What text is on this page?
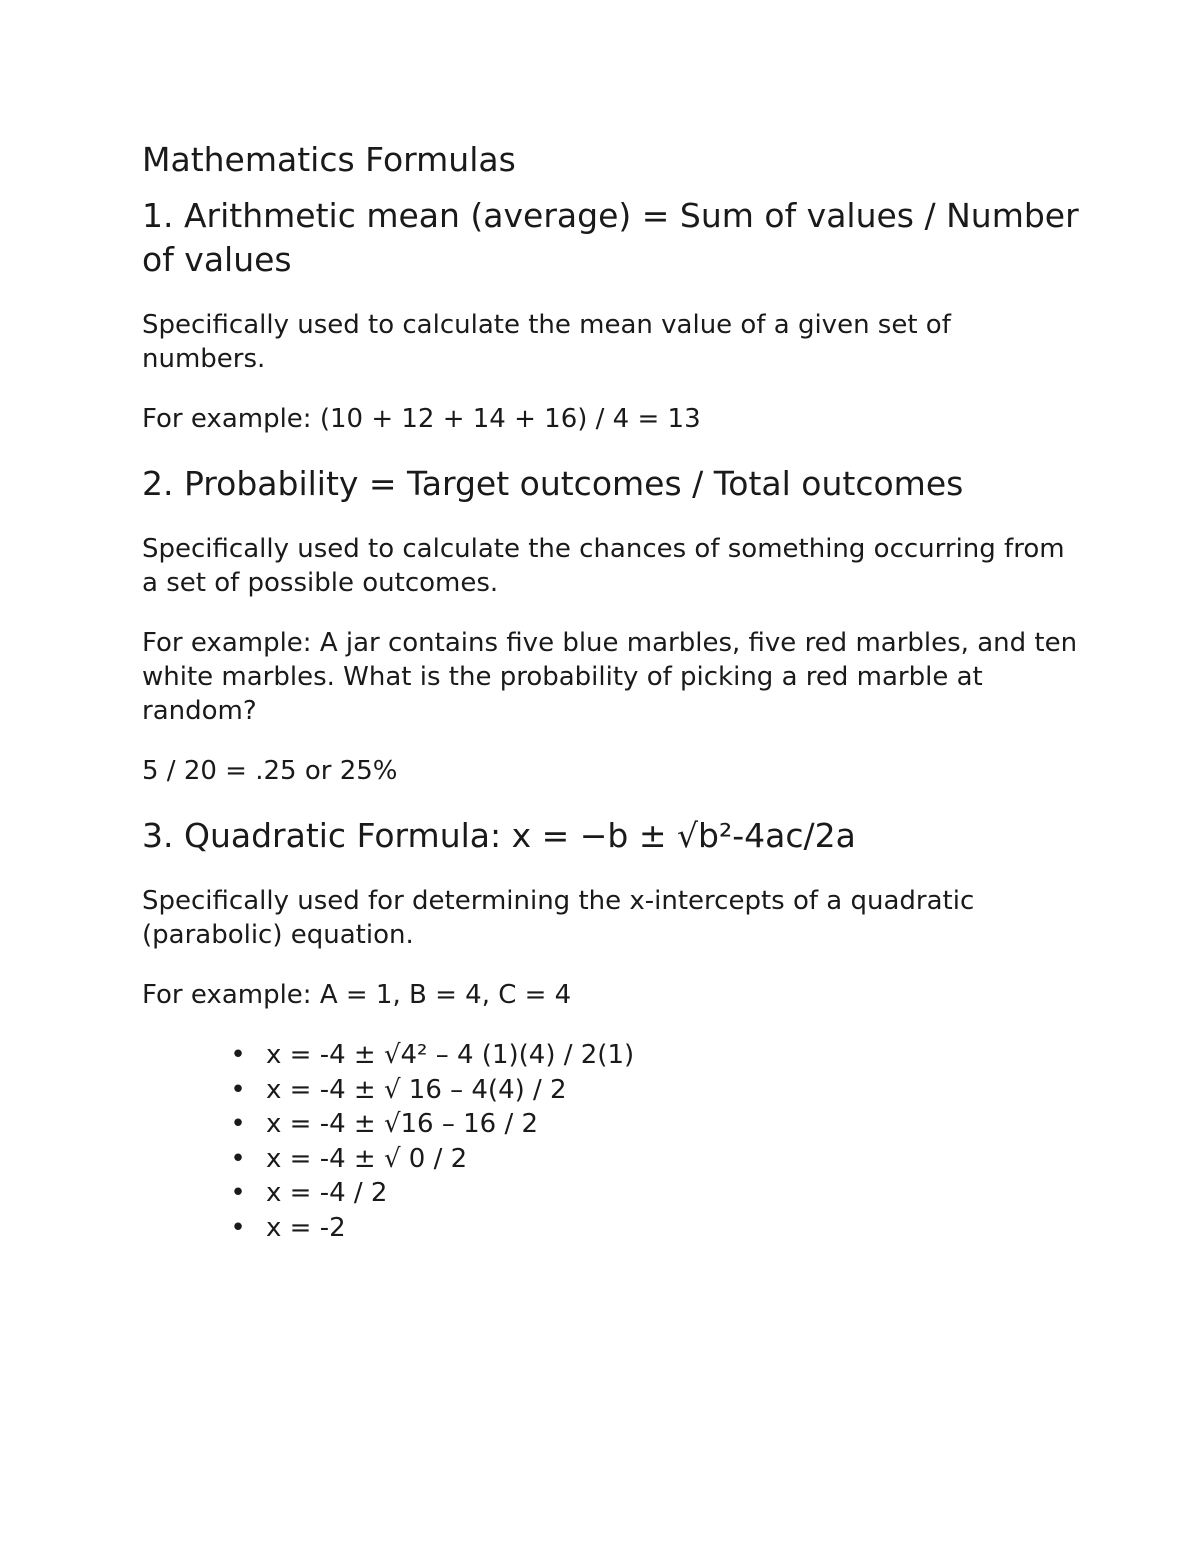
Mathematics Formulas
1. Arithmetic mean (average) = Sum of values / Number of values
Specifically used to calculate the mean value of a given set of numbers.
For example: (10 + 12 + 14 + 16) / 4 = 13
2. Probability = Target outcomes / Total outcomes
Specifically used to calculate the chances of something occurring from a set of possible outcomes.
For example: A jar contains five blue marbles, five red marbles, and ten white marbles. What is the probability of picking a red marble at random?
5 / 20 = .25 or 25%
3. Quadratic Formula: x = −b ± √b²-4ac/2a
Specifically used for determining the x-intercepts of a quadratic (parabolic) equation.
For example: A = 1, B = 4, C = 4
• x = -4 ± √4² – 4 (1)(4) / 2(1)
• x = -4 ± √ 16 – 4(4) / 2
• x = -4 ± √16 – 16 / 2
• x = -4 ± √ 0 / 2
• x = -4 / 2
• x = -2
